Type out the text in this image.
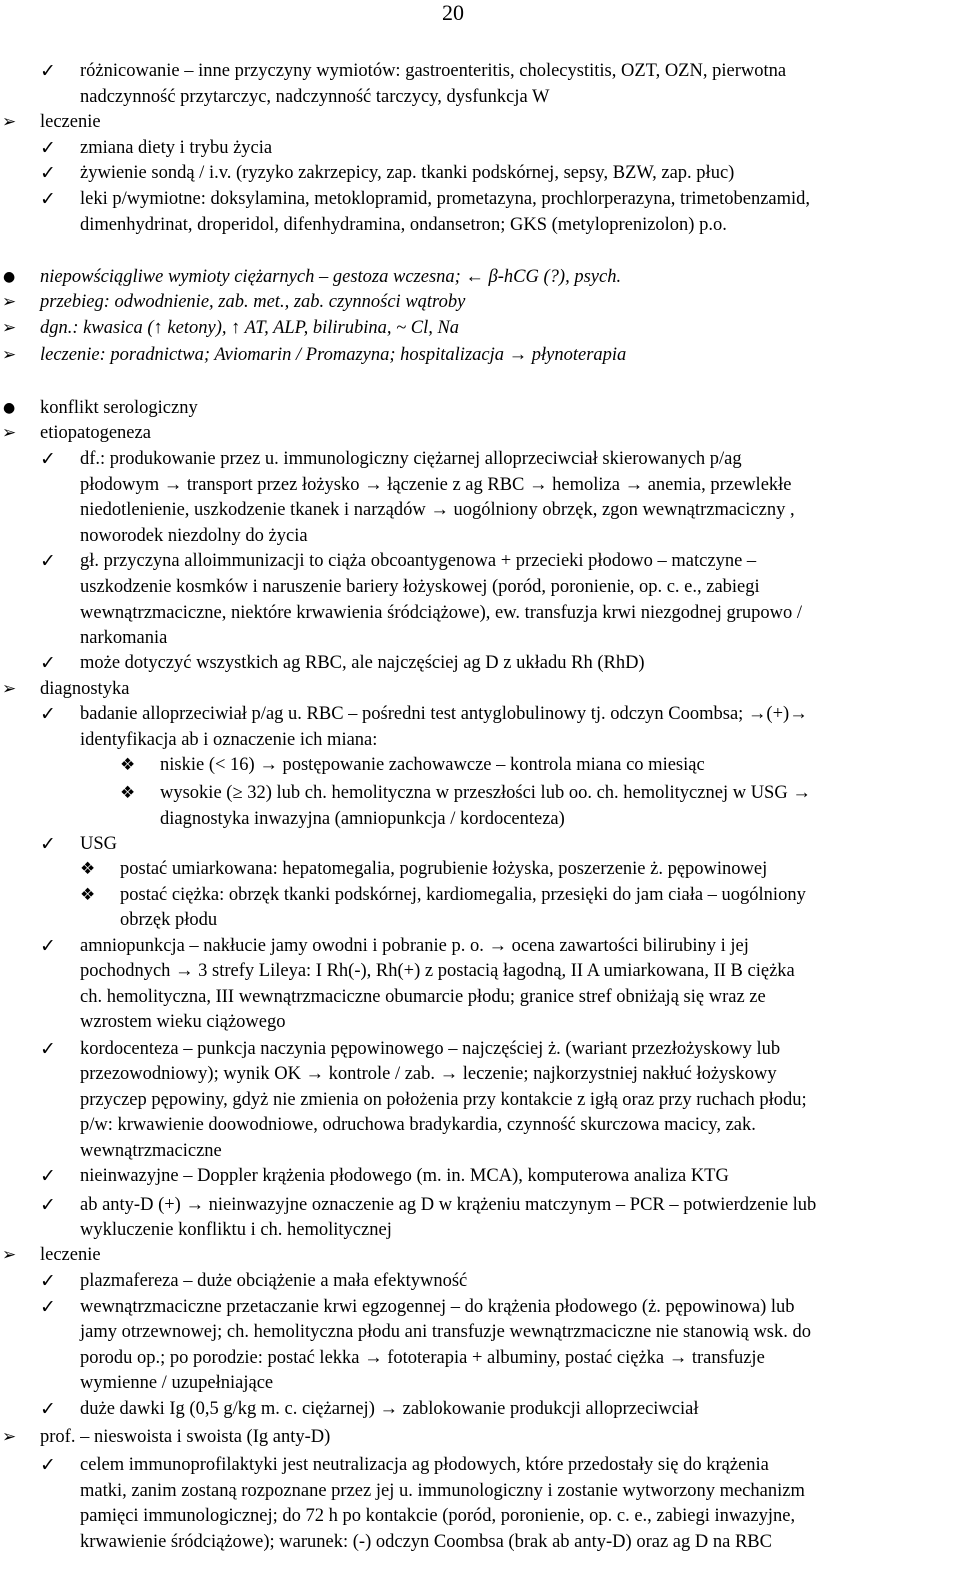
20
✓ różnicowanie – inne przyczyny wymiotów: gastroenteritis, cholecystitis, OZT, OZN, pierwotna
nadczynność przytarczyc, nadczynność tarczycy, dysfunkcja W
➢ leczenie
✓ zmiana diety i trybu życia
✓ żywienie sondą / i.v. (ryzyko zakrzepicy, zap. tkanki podskórnej, sepsy, BZW, zap. płuc)
✓ leki p/wymiotne: doksylamina, metoklopramid, prometazyna, prochlorperazyna, trimetobenzamid,
dimenhydrinat, droperidol, difenhydramina, ondansetron; GKS (metyloprenizolon) p.o.
● niepowściągliwe wymioty ciężarnych – gestoza wczesna; ← β-hCG (?), psych.
➢ przebieg: odwodnienie, zab. met., zab. czynności wątroby
➢ dgn.: kwasica (↑ ketony), ↑ AT, ALP, bilirubina, ~ Cl, Na
➢ leczenie: poradnictwa; Aviomarin / Promazyna; hospitalizacja → płynoterapia
● konflikt serologiczny
➢ etiopatogeneza
✓ df.: produkowanie przez u. immunologiczny ciężarnej alloprzeciwciał skierowanych p/ag
płodowym → transport przez łożysko → łączenie z ag RBC → hemoliza → anemia, przewlekłe
niedotlenienie, uszkodzenie tkanek i narządów → uogólniony obrzęk, zgon wewnątrzmaciczny ,
noworodek niezdolny do życia
✓ gł. przyczyna alloimmunizacji to ciąża obcoantygenowa + przecieki płodowo – matczyne –
uszkodzenie kosmków i naruszenie bariery łożyskowej (poród, poronienie, op. c. e., zabiegi
wewnątrzmaciczne, niektóre krwawienia śródciążowe), ew. transfuzja krwi niezgodnej grupowo /
narkomania
✓ może dotyczyć wszystkich ag RBC, ale najczęściej ag D z układu Rh (RhD)
➢ diagnostyka
✓ badanie alloprzeciwiał p/ag u. RBC – pośredni test antyglobulinowy tj. odczyn Coombsa; →(+)→
identyfikacja ab i oznaczenie ich miana:
❖ niskie (< 16) → postępowanie zachowawcze – kontrola miana co miesiąc
❖ wysokie (≥ 32) lub ch. hemolityczna w przeszłości lub oo. ch. hemolitycznej w USG →
diagnostyka inwazyjna (amniopunkcja / kordocenteza)
✓ USG
❖ postać umiarkowana: hepatomegalia, pogrubienie łożyska, poszerzenie ż. pępowinowej
❖ postać ciężka: obrzęk tkanki podskórnej, kardiomegalia, przesięki do jam ciała – uogólniony
obrzęk płodu
✓ amniopunkcja – nakłucie jamy owodni i pobranie p. o. → ocena zawartości bilirubiny i jej
pochodnych → 3 strefy Lileya: I Rh(-), Rh(+) z postacią łagodną, II A umiarkowana, II B ciężka
ch. hemolityczna, III wewnątrzmaciczne obumarcie płodu; granice stref obniżają się wraz ze
wzrostem wieku ciążowego
✓ kordocenteza – punkcja naczynia pępowinowego – najczęściej ż. (wariant przezłożyskowy lub
przezowodniowy); wynik OK → kontrole / zab. → leczenie; najkorzystniej nakłuć łożyskowy
przyczep pępowiny, gdyż nie zmienia on położenia przy kontakcie z igłą oraz przy ruchach płodu;
p/w: krwawienie doowodniowe, odruchowa bradykardia, czynność skurczowa macicy, zak.
wewnątrzmaciczne
✓ nieinwazyjne – Doppler krążenia płodowego (m. in. MCA), komputerowa analiza KTG
✓ ab anty-D (+) → nieinwazyjne oznaczenie ag D w krążeniu matczynym – PCR – potwierdzenie lub
wykluczenie konfliktu i ch. hemolitycznej
➢ leczenie
✓ plazmafereza – duże obciążenie a mała efektywność
✓ wewnątrzmaciczne przetaczanie krwi egzogennej – do krążenia płodowego (ż. pępowinowa) lub
jamy otrzewnowej; ch. hemolityczna płodu ani transfuzje wewnątrzmaciczne nie stanowią wsk. do
porodu op.; po porodzie: postać lekka → fototerapia + albuminy, postać ciężka → transfuzje
wymienne / uzupełniające
✓ duże dawki Ig (0,5 g/kg m. c. ciężarnej) → zablokowanie produkcji alloprzeciwciał
➢ prof. – nieswoista i swoista (Ig anty-D)
✓ celem immunoprofilaktyki jest neutralizacja ag płodowych, które przedostały się do krążenia
matki, zanim zostaną rozpoznane przez jej u. immunologiczny i zostanie wytworzony mechanizm
pamięci immunologicznej; do 72 h po kontakcie (poród, poronienie, op. c. e., zabiegi inwazyjne,
krwawienie śródciążowe); warunek: (-) odczyn Coombsa (brak ab anty-D) oraz ag D na RBC
